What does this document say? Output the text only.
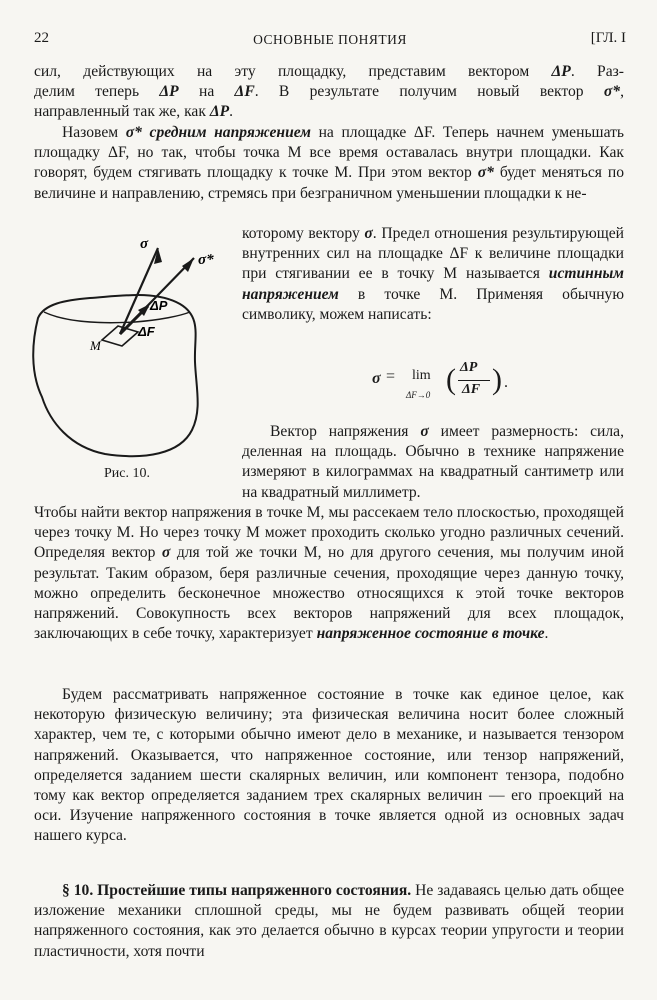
22	ОСНОВНЫЕ ПОНЯТИЯ	[ГЛ. I

сил, действующих на эту площадку, представим вектором ΔP. Раз-

делим теперь ΔP на ΔF. В результате получим новый вектор σ*,

направленный так же, как ΔP.

Назовем σ* средним напряжением на площадке ΔF. Теперь начнем уменьшать площадку ΔF, но так, чтобы точка M все время оставалась внутри площадки. Как говорят, будем стягивать площадку к точке M. При этом вектор σ* будет меняться по величине и направлению, стремясь при безграничном уменьшении площадки к не-

σ
σ*
ΔP
ΔF
M
Рис. 10.

которому вектору σ. Предел отношения результирующей внутренних сил на площадке ΔF к величине площадки при стягивании ее в точку M называется истинным напряжением в точке M. Применяя обычную символику, можем написать:

σ = lim
ΔF→0 ( ΔP
ΔF ) .

Вектор напряжения σ имеет размерность: сила, деленная на площадь. Обычно в технике напряжение измеряют в килограммах на квадратный сантиметр или на квадратный миллиметр.

Чтобы найти вектор напряжения в точке M, мы рассекаем тело плоскостью, проходящей через точку M. Но через точку M может проходить сколько угодно различных сечений. Определяя вектор σ для той же точки M, но для другого сечения, мы получим иной результат. Таким образом, беря различные сечения, проходящие через данную точку, можно определить бесконечное множество относящихся к этой точке векторов напряжений. Совокупность всех векторов напряжений для всех площадок, заключающих в себе точку, характеризует напряженное состояние в точке.

Будем рассматривать напряженное состояние в точке как единое целое, как некоторую физическую величину; эта физическая величина носит более сложный характер, чем те, с которыми обычно имеют дело в механике, и называется тензором напряжений. Оказывается, что напряженное состояние, или тензор напряжений, определяется заданием шести скалярных величин, или компонент тензора, подобно тому как вектор определяется заданием трех скалярных величин — его проекций на оси. Изучение напряженного состояния в точке является одной из основных задач нашего курса.

§ 10. Простейшие типы напряженного состояния. Не задаваясь целью дать общее изложение механики сплошной среды, мы не будем развивать общей теории напряженного состояния, как это делается обычно в курсах теории упругости и теории пластичности, хотя почти
